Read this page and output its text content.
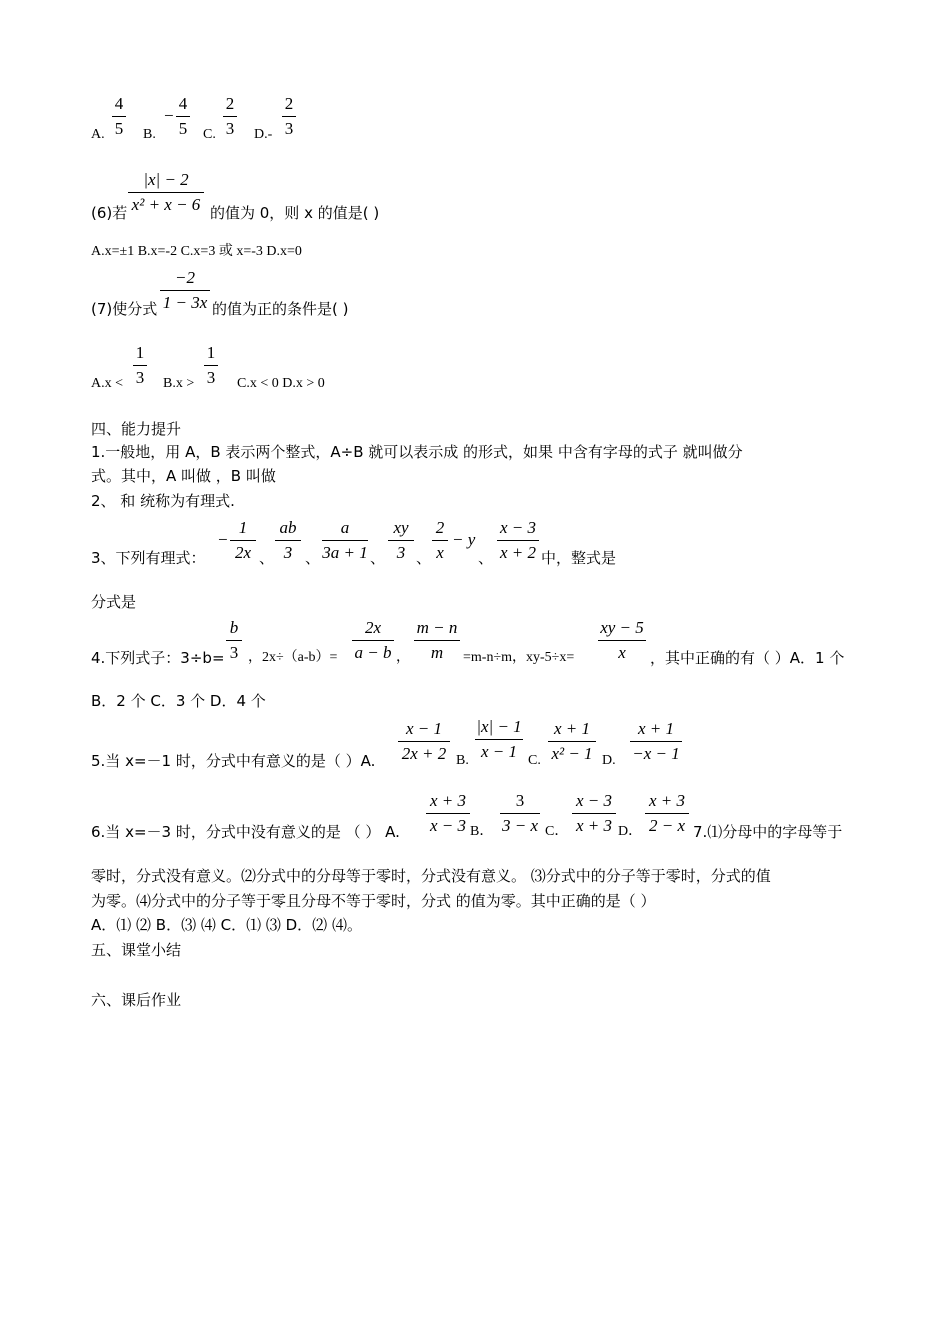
4
5
A.	B.
−
4
5 C.
2
3 D.-
2
3
|x| − 2
x² + x − 6
(6)若	的值为 0，则 x 的值是( )
A.x=±1 B.x=-2 C.x=3 或 x=-3 D.x=0
−2
1 − 3x
(7)使分式	的值为正的条件是( )
A.x <
1
3 B.x >
1
3 C.x < 0 D.x > 0
四、能力提升
1.一般地，用 A，B 表示两个整式，A÷B 就可以表示成 的形式，如果 中含有字母的式子 就叫做分
式。其中，A 叫做 ，B 叫做
2、 和 统称为有理式.
3、下列有理式：
−
1
2x 、
ab
3 、
a
3a + 1 、
xy
3 、
2
x
− y
、
x − 3
x + 2 中，整式是
分式是
4.下列式子：3÷b=
b
3 ，2x÷（a-b）=
2x
a − b ，
m − n
m	=m-n÷m，xy-5÷x=
xy − 5
x	，其中正确的有（ ）A．1 个
B．2 个 C．3 个 D．4 个
5.当 x=－1 时，分式中有意义的是（ ）A.
x − 1
2x + 2 B.
|x| − 1
x − 1 C.
x + 1
x² − 1 D.
x + 1
−x − 1
6.当 x=－3 时，分式中没有意义的是 （ ） A.
x + 3
x − 3 B．
3
3 − x C．
x − 3
x + 3 D．
x + 3
2 − x 7.⑴分母中的字母等于
零时，分式没有意义。⑵分式中的分母等于零时，分式没有意义。 ⑶分式中的分子等于零时，分式的值
为零。⑷分式中的分子等于零且分母不等于零时，分式 的值为零。其中正确的是（ ）
A．⑴ ⑵ B．⑶ ⑷ C．⑴ ⑶ D．⑵ ⑷。
五、课堂小结
六、课后作业
